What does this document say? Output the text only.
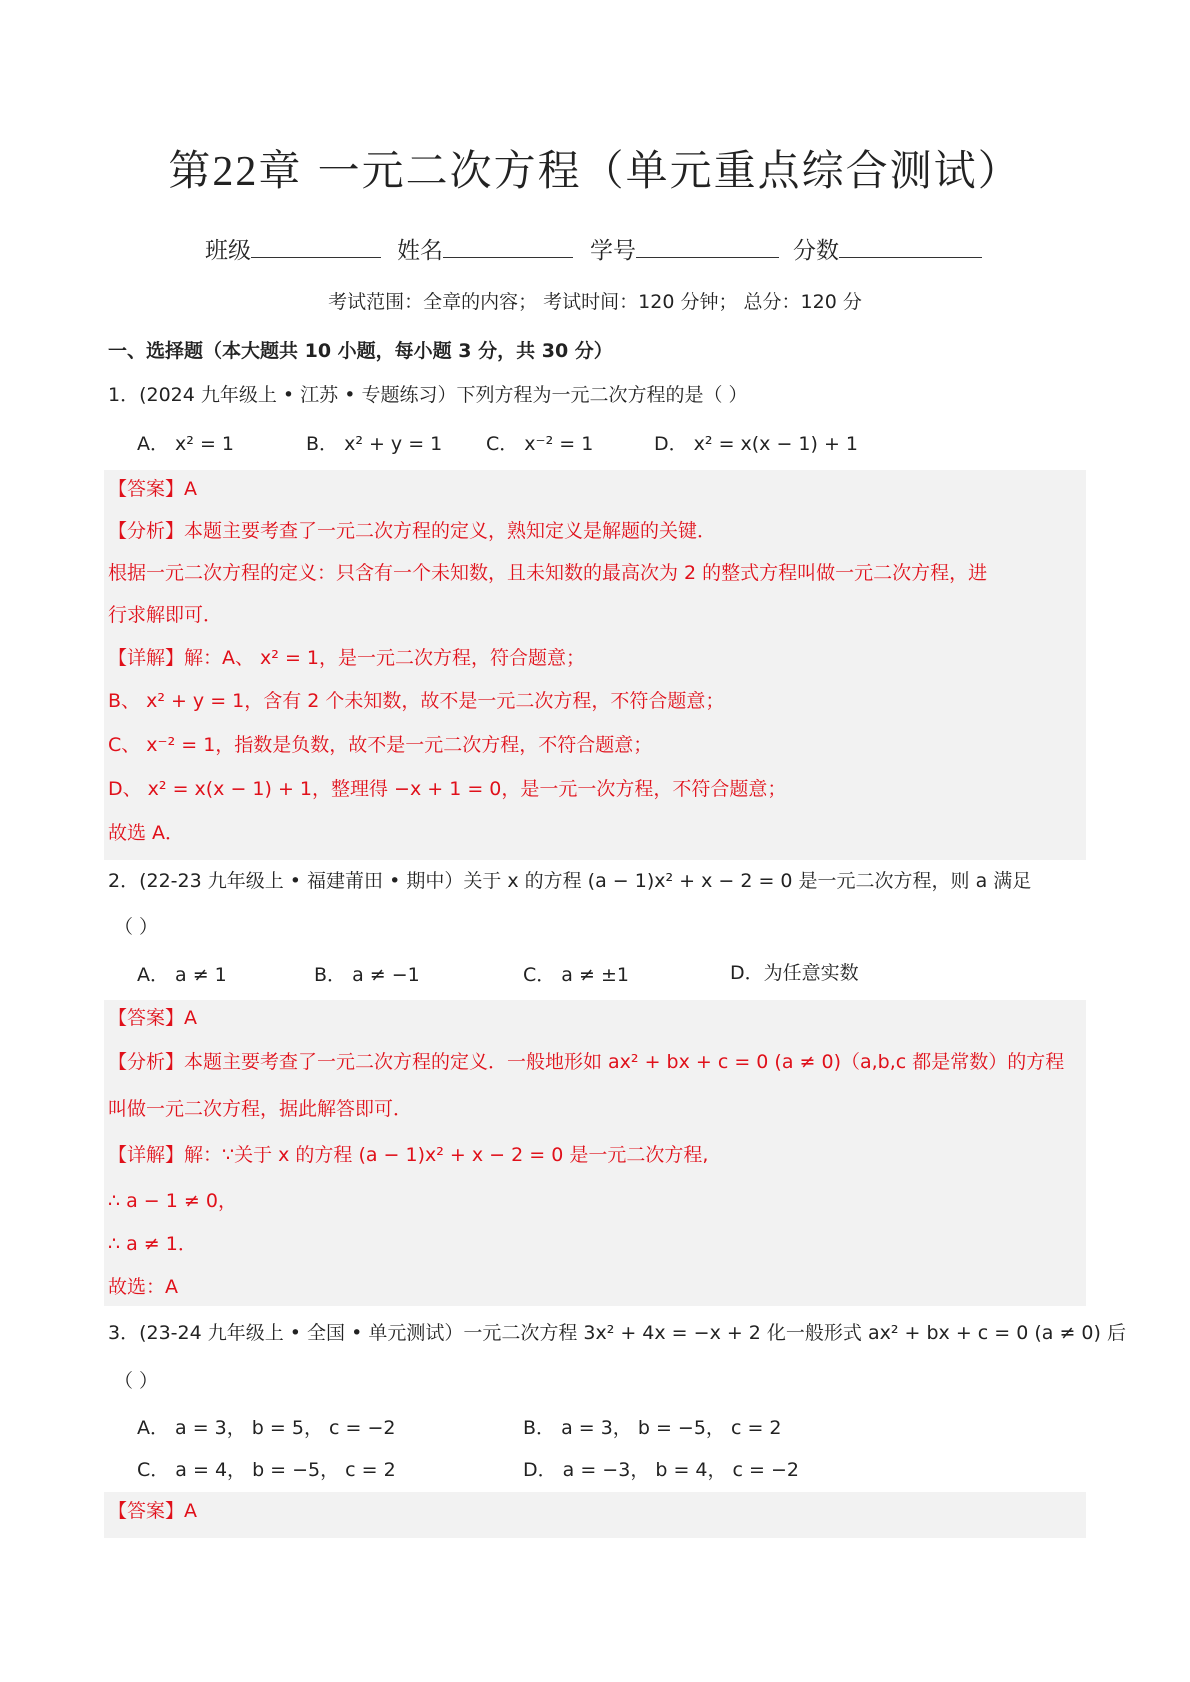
第22章 一元二次方程（单元重点综合测试）
班级	姓名	学号	分数
考试范围：全章的内容； 考试时间：120 分钟； 总分：120 分
一、选择题（本大题共 10 小题，每小题 3 分，共 30 分）
1．(2024 九年级上 • 江苏 • 专题练习）下列方程为一元二次方程的是（ ）
A． x² = 1	B． x² + y = 1 C． x⁻² = 1	D． x² = x(x − 1) + 1
【答案】A
【分析】本题主要考查了一元二次方程的定义，熟知定义是解题的关键．
根据一元二次方程的定义：只含有一个未知数，且未知数的最高次为 2 的整式方程叫做一元二次方程，进
行求解即可．
【详解】解：A、 x² = 1，是一元二次方程，符合题意；
B、 x² + y = 1，含有 2 个未知数，故不是一元二次方程，不符合题意；
C、 x⁻² = 1，指数是负数，故不是一元二次方程，不符合题意；
D、 x² = x(x − 1) + 1，整理得 −x + 1 = 0，是一元一次方程，不符合题意；
故选 A．
2．(22-23 九年级上 • 福建莆田 • 期中）关于 x 的方程 (a − 1)x² + x − 2 = 0 是一元二次方程，则 a 满足
（ ）
A． a ≠ 1	B． a ≠ −1	C． a ≠ ±1	D．为任意实数
【答案】A
【分析】本题主要考查了一元二次方程的定义．一般地形如 ax² + bx + c = 0 (a ≠ 0)（a,b,c 都是常数）的方程
叫做一元二次方程，据此解答即可．
【详解】解：∵关于 x 的方程 (a − 1)x² + x − 2 = 0 是一元二次方程,
∴ a − 1 ≠ 0，
∴ a ≠ 1．
故选：A
3．(23-24 九年级上 • 全国 • 单元测试）一元二次方程 3x² + 4x = −x + 2 化一般形式 ax² + bx + c = 0 (a ≠ 0) 后
（ ）
A． a = 3， b = 5， c = −2	B． a = 3， b = −5， c = 2
C． a = 4， b = −5， c = 2	D． a = −3， b = 4， c = −2
【答案】A
